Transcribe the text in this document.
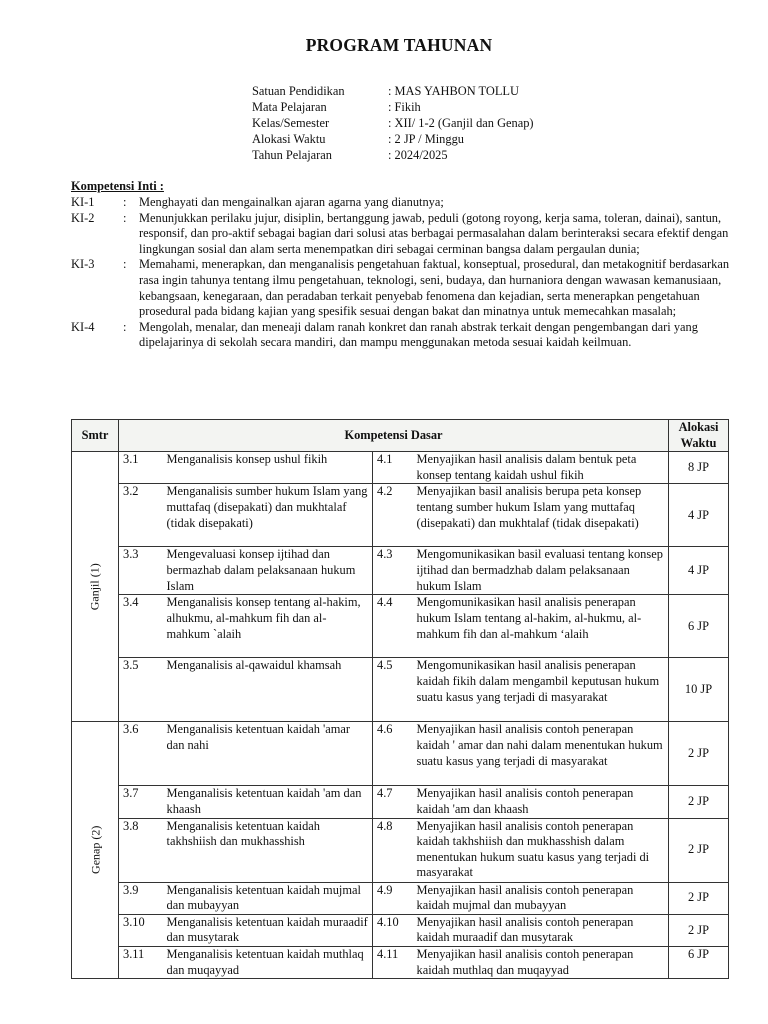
PROGRAM TAHUNAN
Satuan Pendidikan	: MAS YAHBON TOLLU
Mata Pelajaran	: Fikih
Kelas/Semester	: XII/ 1-2 (Ganjil dan Genap)
Alokasi Waktu	: 2 JP / Minggu
Tahun Pelajaran	: 2024/2025
Kompetensi Inti :
KI-1	:	Menghayati dan mengainalkan ajaran agarna yang dianutnya;
KI-2	:	Menunjukkan perilaku jujur, disiplin, bertanggung jawab, peduli (gotong royong, kerja sama, toleran, dainai), santun, responsif, dan pro-aktif sebagai bagian dari solusi atas berbagai permasalahan dalam berinteraksi secara efektif dengan lingkungan sosial dan alam serta menempatkan diri sebagai cerminan bangsa dalam pergaulan dunia;
KI-3	:	Memahami, menerapkan, dan menganalisis pengetahuan faktual, konseptual, prosedural, dan metakognitif berdasarkan rasa ingin tahunya tentang ilmu pengetahuan, teknologi, seni, budaya, dan hurnaniora dengan wawasan kemanusiaan, kebangsaan, kenegaraan, dan peradaban terkait penyebab fenomena dan kejadian, serta menerapkan pengetahuan prosedural pada bidang kajian yang spesifik sesuai dengan bakat dan minatnya untuk memecahkan masalah;
KI-4	:	Mengolah, menalar, dan meneaji dalam ranah konkret dan ranah abstrak terkait dengan pengembangan dari yang dipelajarinya di sekolah secara mandiri, dan mampu menggunakan metoda sesuai kaidah keilmuan.
Smtr	Kompetensi Dasar				Alokasi Waktu
Ganjil (1)	3.1	Menganalisis konsep ushul fikih	4.1	Menyajikan hasil analisis dalam bentuk peta konsep tentang kaidah ushul fikih	8 JP
	3.2	Menganalisis sumber hukum Islam yang muttafaq (disepakati) dan mukhtalaf (tidak disepakati)	4.2	Menyajikan basil analisis berupa peta konsep tentang sumber hukum Islam yang muttafaq (disepakati) dan mukhtalaf (tidak disepakati)	4 JP
	3.3	Mengevaluasi konsep ijtihad dan bermazhab dalam pelaksanaan hukum Islam	4.3	Mengomunikasikan basil evaluasi tentang konsep ijtihad dan bermadzhab dalam pelaksanaan hukum Islam	4 JP
	3.4	Menganalisis konsep tentang al-hakim, alhukmu, al-mahkum fih dan al- mahkum `alaih	4.4	Mengomunikasikan hasil analisis penerapan hukum Islam tentang al-hakim, al-hukmu, al-mahkum fih dan al-mahkum ‘alaih	6 JP
	3.5	Menganalisis al-qawaidul khamsah	4.5	Mengomunikasikan hasil analisis penerapan kaidah fikih dalam mengambil keputusan hukum suatu kasus yang terjadi di masyarakat	10 JP
Genap (2)	3.6	Menganalisis ketentuan kaidah 'amar dan nahi	4.6	Menyajikan hasil analisis contoh penerapan kaidah ' amar dan nahi dalam menentukan hukum suatu kasus yang terjadi di masyarakat	2 JP
	3.7	Menganalisis ketentuan kaidah 'am dan khaash	4.7	Menyajikan hasil analisis contoh penerapan kaidah 'am dan khaash	2 JP
	3.8	Menganalisis ketentuan kaidah takhshiish dan mukhasshish	4.8	Menyajikan hasil analisis contoh penerapan kaidah takhshiish dan mukhasshish dalam menentukan hukum suatu kasus yang terjadi di masyarakat	2 JP
	3.9	Menganalisis ketentuan kaidah mujmal dan mubayyan	4.9	Menyajikan hasil analisis contoh penerapan kaidah mujmal dan mubayyan	2 JP
	3.10	Menganalisis ketentuan kaidah muraadif dan musytarak	4.10	Menyajikan hasil analisis contoh penerapan kaidah muraadif dan musytarak	2 JP
	3.11	Menganalisis ketentuan kaidah muthlaq dan muqayyad	4.11	Menyajikan hasil analisis contoh penerapan kaidah muthlaq dan muqayyad	6 JP
